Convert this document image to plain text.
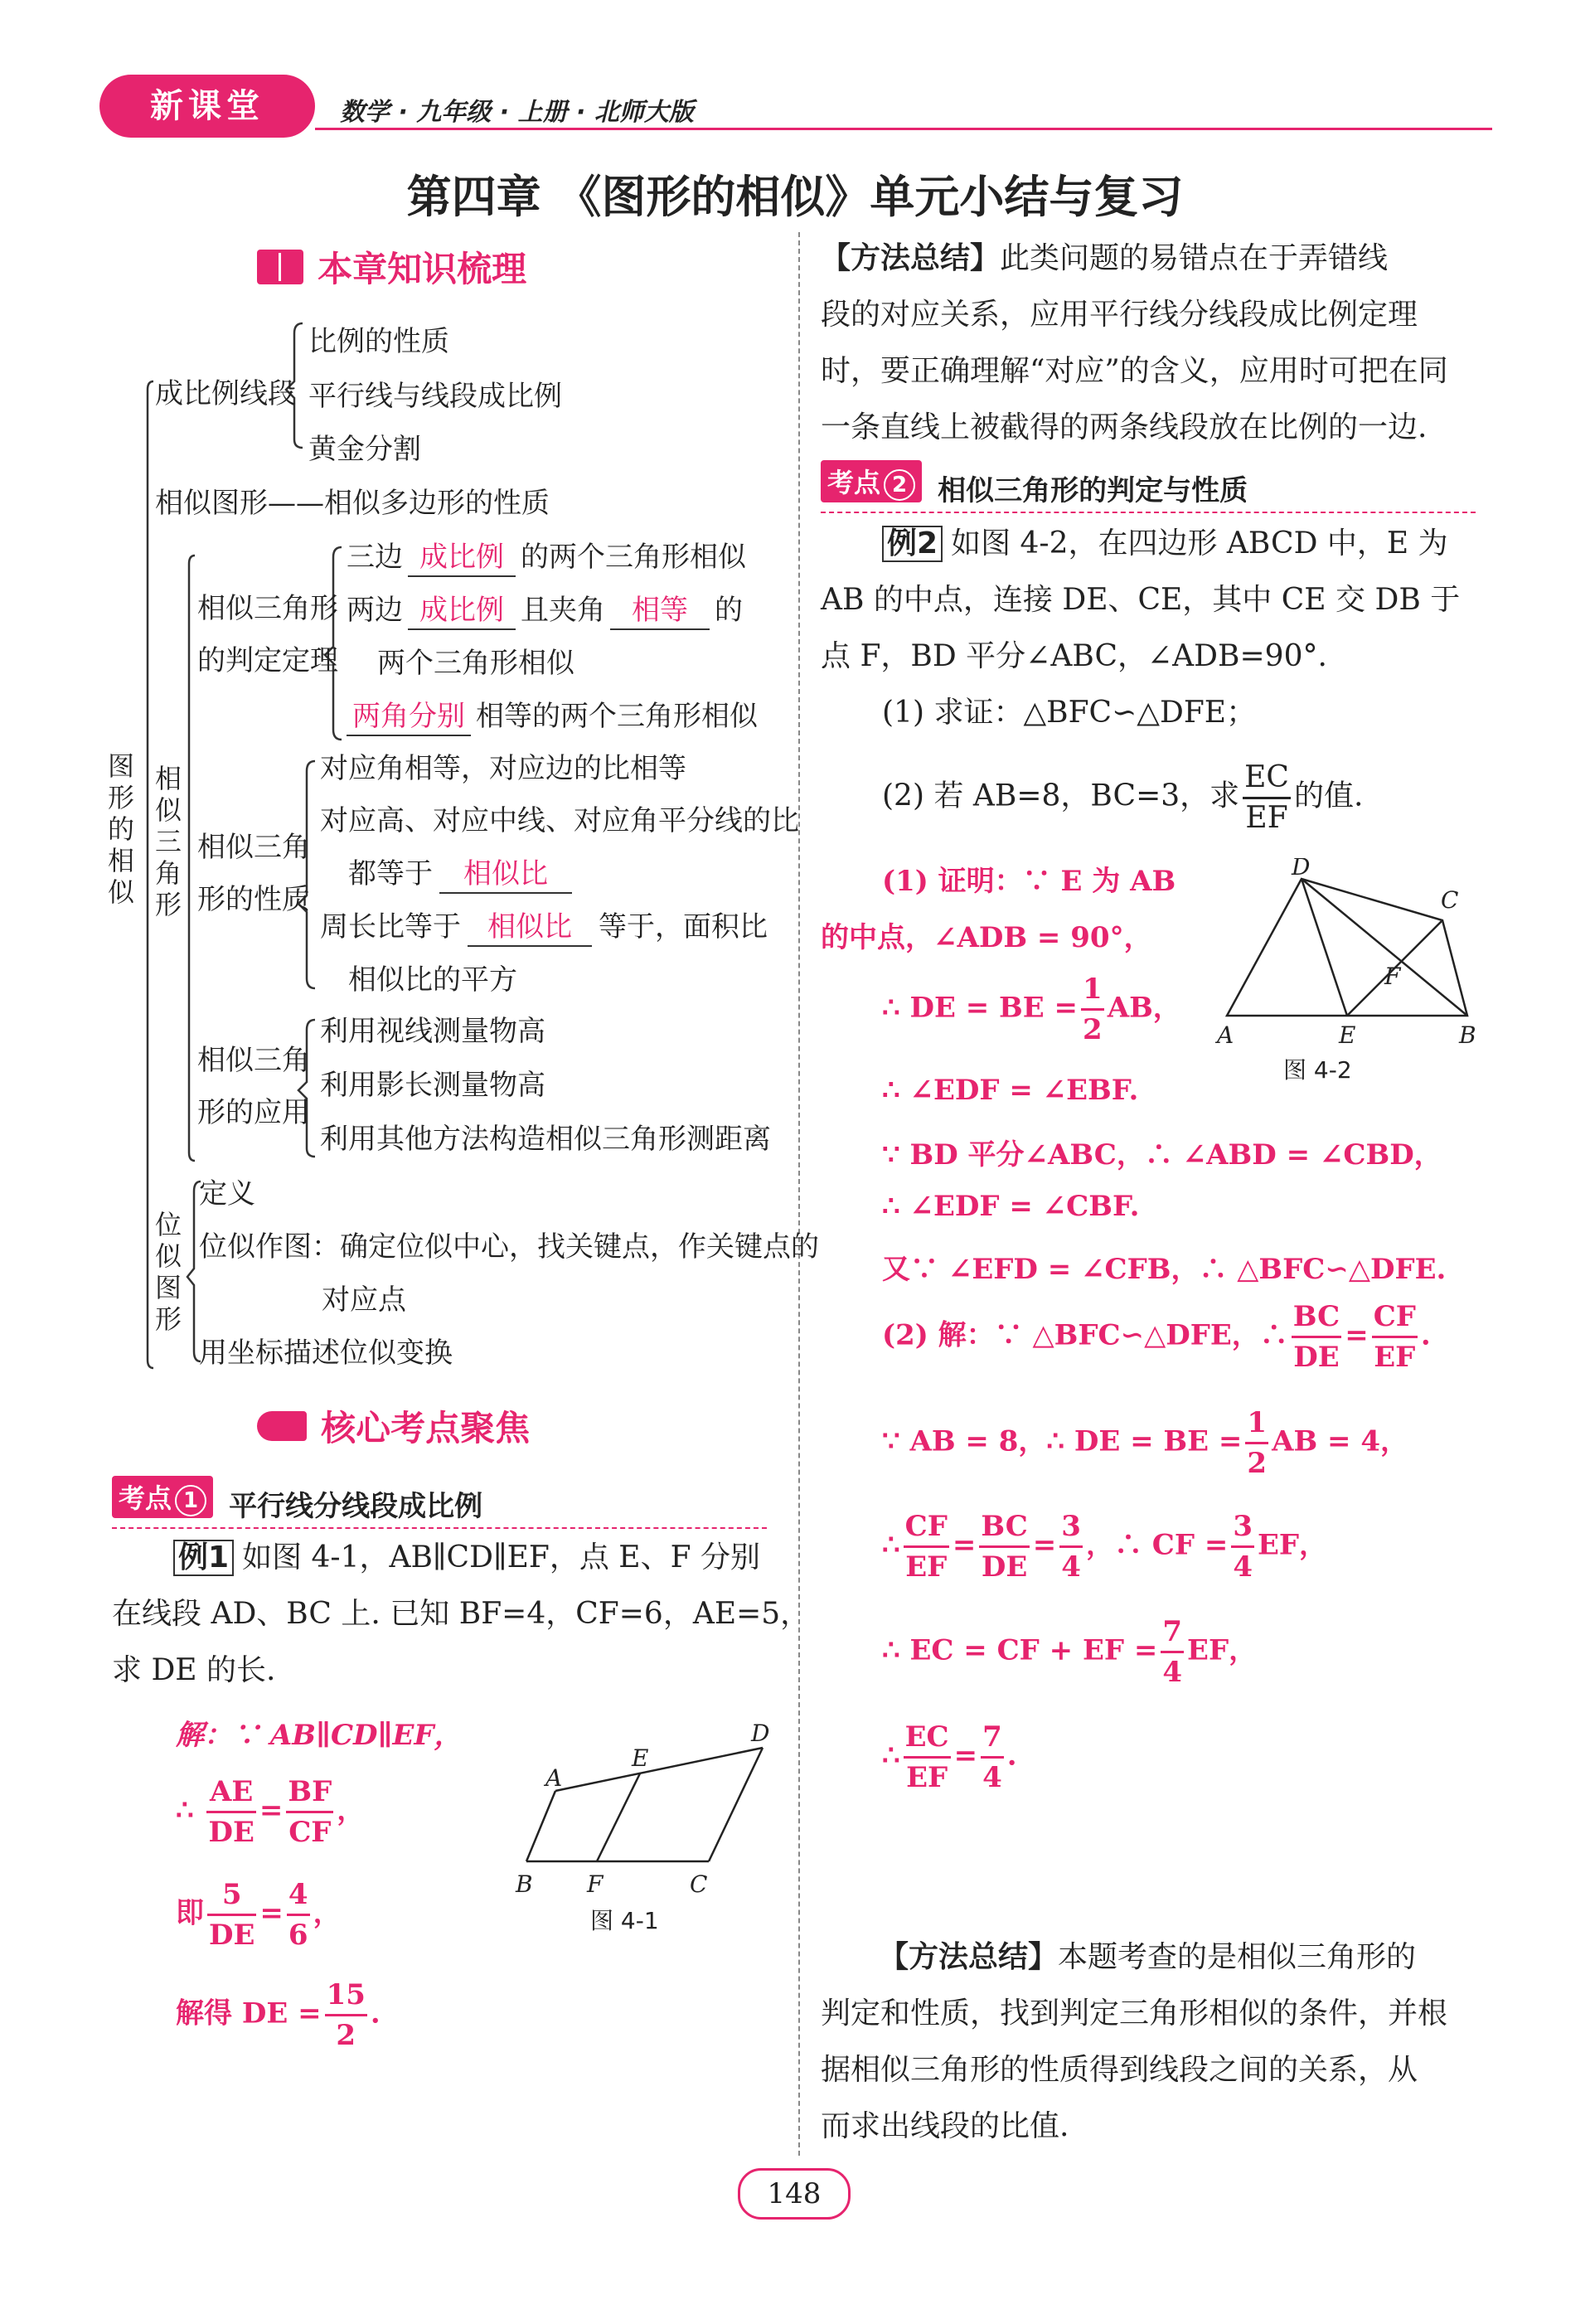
新课堂	数学 · 九年级 · 上册 · 北师大版
第四章 《图形的相似》单元小结与复习
本章知识梳理
图形的相似
成比例线段
比例的性质
平行线与线段成比例
黄金分割
相似图形——相似多边形的性质
相似三角形
相似三角形
的判定定理
三边 成比例 的两个三角形相似
两边 成比例 且夹角 相等 的
两个三角形相似
两角分别 相等的两个三角形相似
相似三角
形的性质
对应角相等，对应边的比相等
对应高、对应中线、对应角平分线的比
都等于 相似比
周长比等于 相似比 等于，面积比
相似比的平方
相似三角
形的应用
利用视线测量物高
利用影长测量物高
利用其他方法构造相似三角形测距离
位似图形
定义
位似作图：确定位似中心，找关键点，作关键点的
对应点
用坐标描述位似变换
核心考点聚焦
考点 1 平行线分线段成比例
例1 如图 4-1，AB∥CD∥EF，点 E、F 分别
在线段 AD、BC 上. 已知 BF=4，CF=6，AE=5，
求 DE 的长.
解：∵ AB∥CD∥EF，
∴ $\frac{AE}{DE} = \frac{BF}{CF}$ ，
即 $\frac{5}{DE} = \frac{4}{6}$ ，
解得 DE = $\frac{15}{2}$ .
A
E
D
B F	C
图 4-1
【方法总结】此类问题的易错点在于弄错线
段的对应关系，应用平行线分线段成比例定理
时，要正确理解“对应”的含义，应用时可把在同
一条直线上被截得的两条线段放在比例的一边.
考点 2 相似三角形的判定与性质
例2 如图 4-2，在四边形 ABCD 中，E 为
AB 的中点，连接 DE、CE，其中 CE 交 DB 于
点 F，BD 平分∠ABC，∠ADB=90°.
(1) 求证：△BFC∽△DFE；
(2) 若 AB=8，BC=3，求 $\frac{EC}{EF}$ 的值.
D
C
F
A	E	B
图 4-2
(1) 证明：∵ E 为 AB
的中点，∠ADB = 90°，
∴ DE = BE = $\frac{1}{2}$ AB，
∴ ∠EDF = ∠EBF.
∵ BD 平分∠ABC，∴ ∠ABD = ∠CBD，
∴ ∠EDF = ∠CBF.
又∵ ∠EFD = ∠CFB，∴ △BFC∽△DFE.
(2) 解：∵ △BFC∽△DFE，∴ $\frac{BC}{DE} = \frac{CF}{EF}$ .
∵ AB = 8，∴ DE = BE = $\frac{1}{2}$ AB = 4，
∴ $\frac{CF}{EF} = \frac{BC}{DE} = \frac{3}{4}$ ，∴ CF = $\frac{3}{4}$ EF，
∴ EC = CF + EF = $\frac{7}{4}$ EF，
∴ $\frac{EC}{EF} = \frac{7}{4}$ .
【方法总结】本题考查的是相似三角形的
判定和性质，找到判定三角形相似的条件，并根
据相似三角形的性质得到线段之间的关系，从
而求出线段的比值.
148
